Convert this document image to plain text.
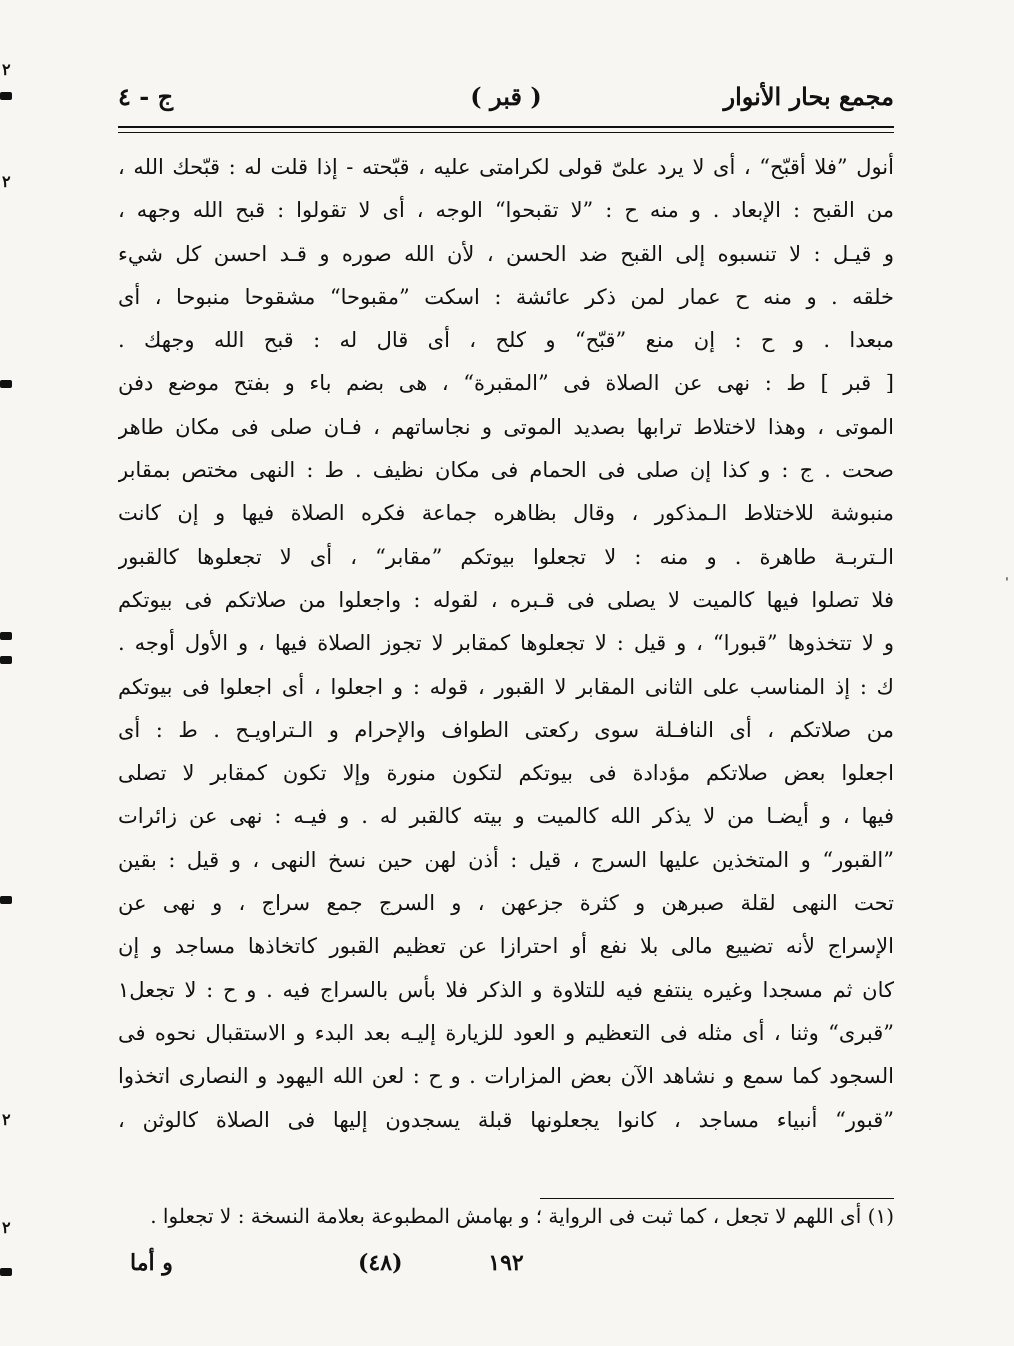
مجمع بحار الأنوار
( قبر )
ج - ٤
أنول ”فلا أقبّح“ ، أى لا يرد علىّ قولى لكرامتى عليه ، قبّحته - إذا قلت له : قبّحك الله ،
من القبح : الإبعاد . و منه ح : ”لا تقبحوا“ الوجه ، أى لا تقولوا : قبح الله وجهه ،
و قيـل : لا تنسبوه إلى القبح ضد الحسن ، لأن الله صوره و قـد احسن كل شيء
خلقه . و منه ح عمار لمن ذكر عائشة : اسكت ”مقبوحا“ مشقوحا منبوحا ، أى
مبعدا . و ح : إن منع ”قبّح“ و كلح ، أى قال له : قبح الله وجهك .
[ قبر ] ط : نهى عن الصلاة فى ”المقبرة“ ، هى بضم باء و بفتح موضع دفن
الموتى ، وهذا لاختلاط ترابها بصديد الموتى و نجاساتهم ، فـان صلى فى مكان طاهر
صحت . ج : و كذا إن صلى فى الحمام فى مكان نظيف . ط : النهى مختص بمقابر
منبوشة للاختلاط الـمذكور ، وقال بظاهره جماعة فكره الصلاة فيها و إن كانت
الـتربـة طاهرة . و منه : لا تجعلوا بيوتكم ”مقابر“ ، أى لا تجعلوها كالقبور
فلا تصلوا فيها كالميت لا يصلى فى قـبره ، لقوله : واجعلوا من صلاتكم فى بيوتكم
و لا تتخذوها ”قبورا“ ، و قيل : لا تجعلوها كمقابر لا تجوز الصلاة فيها ، و الأول أوجه .
ك : إذ المناسب على الثانى المقابر لا القبور ، قوله : و اجعلوا ، أى اجعلوا فى بيوتكم
من صلاتكم ، أى النافـلة سوى ركعتى الطواف والإحرام و الـتراويـح . ط : أى
اجعلوا بعض صلاتكم مؤدادة فى بيوتكم لتكون منورة وإلا تكون كمقابر لا تصلى
فيها ، و أيضـا من لا يذكر الله كالميت و بيته كالقبر له . و فيـه : نهى عن زائرات
”القبور“ و المتخذين عليها السرج ، قيل : أذن لهن حين نسخ النهى ، و قيل : بقين
تحت النهى لقلة صبرهن و كثرة جزعهن ، و السرج جمع سراج ، و نهى عن
الإسراج لأنه تضييع مالى بلا نفع أو احترازا عن تعظيم القبور كاتخاذها مساجد و إن
كان ثم مسجدا وغيره ينتفع فيه للتلاوة و الذكر فلا بأس بالسراج فيه . و ح : لا تجعل١
”قبرى“ وثنا ، أى مثله فى التعظيم و العود للزيارة إليـه بعد البدء و الاستقبال نحوه فى
السجود كما سمع و نشاهد الآن بعض المزارات . و ح : لعن الله اليهود و النصارى اتخذوا
”قبور“ أنبياء مساجد ، كانوا يجعلونها قبلة يسجدون إليها فى الصلاة كالوثن ،
(١) أى اللهم لا تجعل ، كما ثبت فى الرواية ؛ و بهامش المطبوعة بعلامة النسخة : لا تجعلوا .
١٩٢
(٤٨)
و أما
٢
٢
٢
٢
ˈ
